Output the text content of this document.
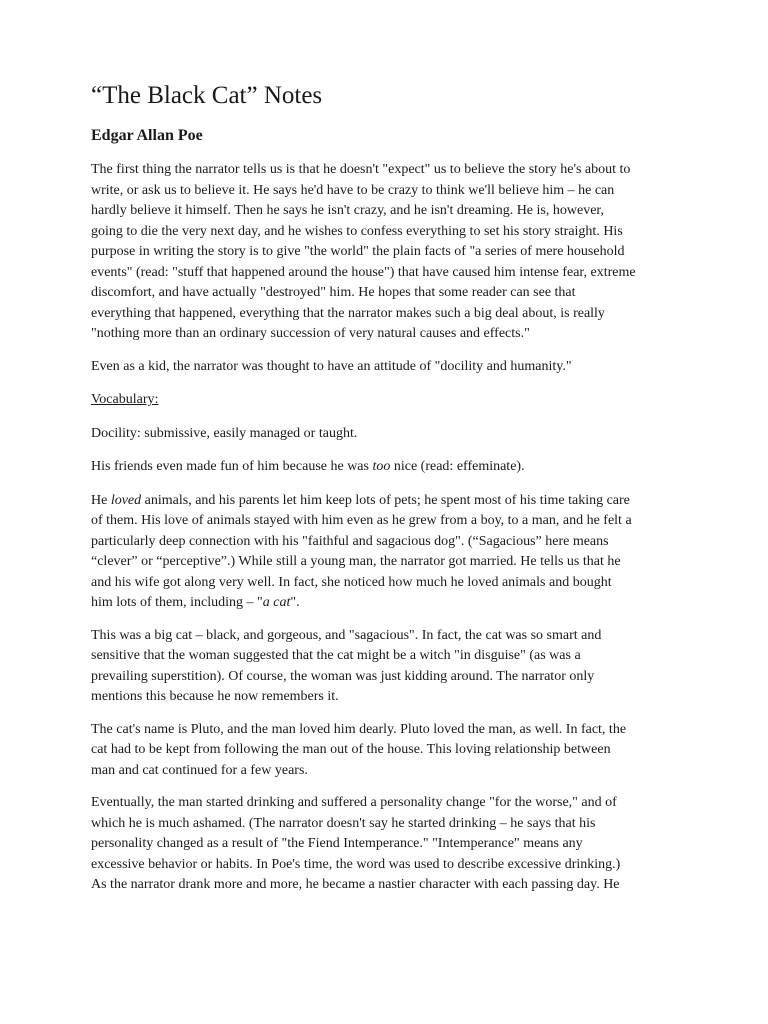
“The Black Cat” Notes
Edgar Allan Poe
The first thing the narrator tells us is that he doesn't "expect" us to believe the story he's about to
write, or ask us to believe it. He says he'd have to be crazy to think we'll believe him – he can
hardly believe it himself. Then he says he isn't crazy, and he isn't dreaming. He is, however,
going to die the very next day, and he wishes to confess everything to set his story straight. His
purpose in writing the story is to give "the world" the plain facts of "a series of mere household
events" (read: "stuff that happened around the house") that have caused him intense fear, extreme
discomfort, and have actually "destroyed" him. He hopes that some reader can see that
everything that happened, everything that the narrator makes such a big deal about, is really
"nothing more than an ordinary succession of very natural causes and effects."
Even as a kid, the narrator was thought to have an attitude of "docility and humanity."
Vocabulary:
Docility: submissive, easily managed or taught.
His friends even made fun of him because he was too nice (read: effeminate).
He loved animals, and his parents let him keep lots of pets; he spent most of his time taking care
of them. His love of animals stayed with him even as he grew from a boy, to a man, and he felt a
particularly deep connection with his "faithful and sagacious dog". (“Sagacious” here means
“clever” or “perceptive”.) While still a young man, the narrator got married. He tells us that he
and his wife got along very well. In fact, she noticed how much he loved animals and bought
him lots of them, including – "a cat".
This was a big cat – black, and gorgeous, and "sagacious". In fact, the cat was so smart and
sensitive that the woman suggested that the cat might be a witch "in disguise" (as was a
prevailing superstition). Of course, the woman was just kidding around. The narrator only
mentions this because he now remembers it.
The cat's name is Pluto, and the man loved him dearly. Pluto loved the man, as well. In fact, the
cat had to be kept from following the man out of the house. This loving relationship between
man and cat continued for a few years.
Eventually, the man started drinking and suffered a personality change "for the worse," and of
which he is much ashamed. (The narrator doesn't say he started drinking – he says that his
personality changed as a result of "the Fiend Intemperance." "Intemperance" means any
excessive behavior or habits. In Poe's time, the word was used to describe excessive drinking.)
As the narrator drank more and more, he became a nastier character with each passing day. He
